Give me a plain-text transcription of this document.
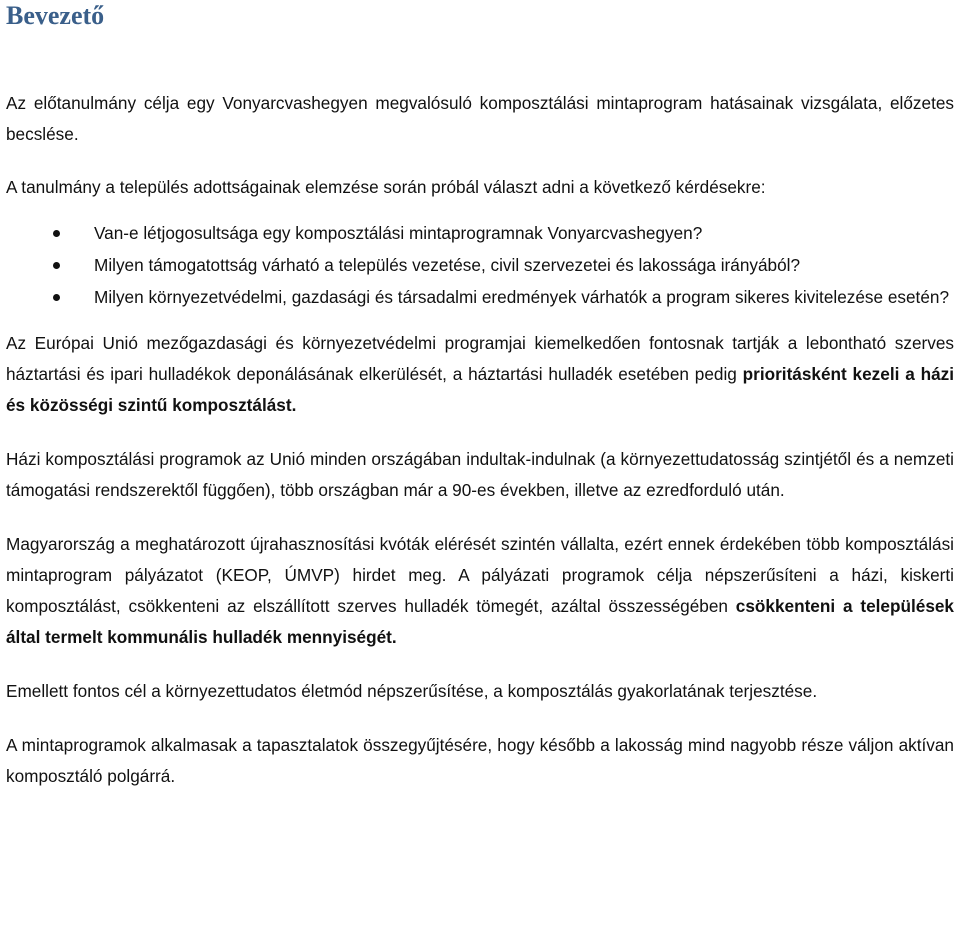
Bevezető

Az előtanulmány célja egy Vonyarcvashegyen megvalósuló komposztálási mintaprogram hatásainak vizsgálata, előzetes becslése.

A tanulmány a település adottságainak elemzése során próbál választ adni a következő kérdésekre:

Van-e létjogosultsága egy komposztálási mintaprogramnak Vonyarcvashegyen?
Milyen támogatottság várható a település vezetése, civil szervezetei és lakossága irányából?
Milyen környezetvédelmi, gazdasági és társadalmi eredmények várhatók a program sikeres kivitelezése esetén?

Az Európai Unió mezőgazdasági és környezetvédelmi programjai kiemelkedően fontosnak tartják a lebontható szerves háztartási és ipari hulladékok deponálásának elkerülését, a háztartási hulladék esetében pedig prioritásként kezeli a házi és közösségi szintű komposztálást.

Házi komposztálási programok az Unió minden országában indultak-indulnak (a környezettudatosság szintjétől és a nemzeti támogatási rendszerektől függően), több országban már a 90-es években, illetve az ezredforduló után.

Magyarország a meghatározott újrahasznosítási kvóták elérését szintén vállalta, ezért ennek érdekében több komposztálási mintaprogram pályázatot (KEOP, ÚMVP) hirdet meg. A pályázati programok célja népszerűsíteni a házi, kiskerti komposztálást, csökkenteni az elszállított szerves hulladék tömegét, azáltal összességében csökkenteni a települések által termelt kommunális hulladék mennyiségét.

Emellett fontos cél a környezettudatos életmód népszerűsítése, a komposztálás gyakorlatának terjesztése.

A mintaprogramok alkalmasak a tapasztalatok összegyűjtésére, hogy később a lakosság mind nagyobb része váljon aktívan komposztáló polgárrá.
